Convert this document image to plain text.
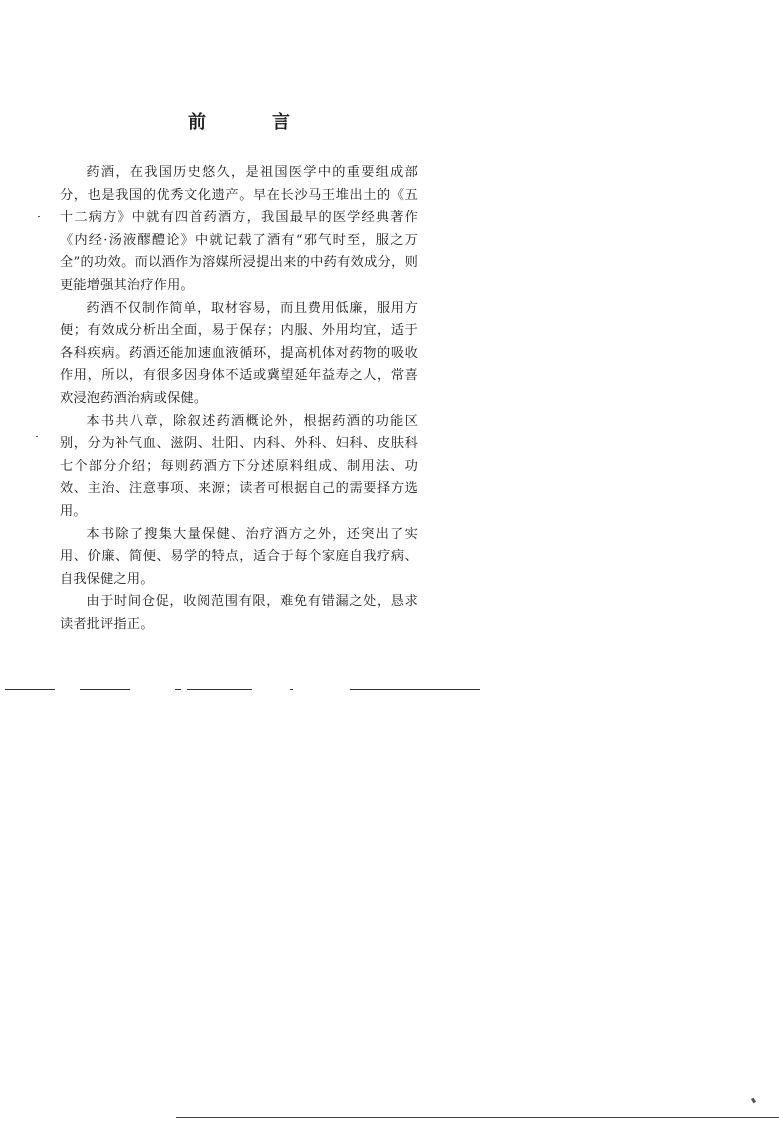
前　言

药酒，在我国历史悠久，是祖国医学中的重要组成部分，也是我国的优秀文化遗产。早在长沙马王堆出土的《五十二病方》中就有四首药酒方，我国最早的医学经典著作《内经·汤液醪醴论》中就记载了酒有“邪气时至，服之万全”的功效。而以酒作为溶媒所浸提出来的中药有效成分，则更能增强其治疗作用。

药酒不仅制作简单，取材容易，而且费用低廉，服用方便；有效成分析出全面，易于保存；内服、外用均宜，适于各科疾病。药酒还能加速血液循环，提高机体对药物的吸收作用，所以，有很多因身体不适或冀望延年益寿之人，常喜欢浸泡药酒治病或保健。

本书共八章，除叙述药酒概论外，根据药酒的功能区别，分为补气血、滋阴、壮阳、内科、外科、妇科、皮肤科七个部分介绍；每则药酒方下分述原料组成、制用法、功效、主治、注意事项、来源；读者可根据自己的需要择方选用。

本书除了搜集大量保健、治疗酒方之外，还突出了实用、价廉、简便、易学的特点，适合于每个家庭自我疗病、自我保健之用。

由于时间仓促，收阅范围有限，难免有错漏之处，恳求读者批评指正。
